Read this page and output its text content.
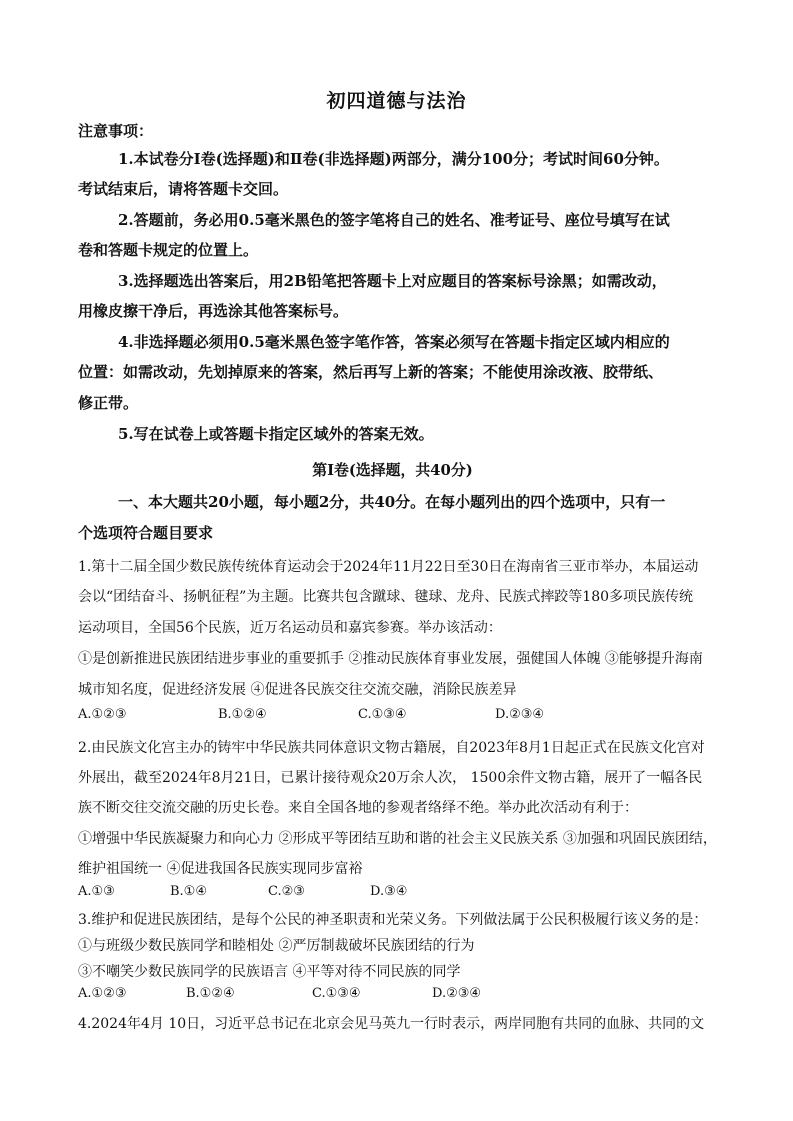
初四道德与法治
注意事项：
1.本试卷分Ⅰ卷(选择题)和Ⅱ卷(非选择题)两部分，满分100分；考试时间60分钟。
考试结束后，请将答题卡交回。
2.答题前，务必用0.5毫米黑色的签字笔将自己的姓名、准考证号、座位号填写在试
卷和答题卡规定的位置上。
3.选择题选出答案后，用2B铅笔把答题卡上对应题目的答案标号涂黑；如需改动，
用橡皮擦干净后，再选涂其他答案标号。
4.非选择题必须用0.5毫米黑色签字笔作答，答案必须写在答题卡指定区域内相应的
位置：如需改动，先划掉原来的答案，然后再写上新的答案；不能使用涂改液、胶带纸、
修正带。
5.写在试卷上或答题卡指定区域外的答案无效。
第Ⅰ卷(选择题，共40分)
一、本大题共20小题，每小题2分，共40分。在每小题列出的四个选项中，只有一
个选项符合题目要求
1.第十二届全国少数民族传统体育运动会于2024年11月22日至30日在海南省三亚市举办，本届运动
会以“团结奋斗、扬帆征程”为主题。比赛共包含蹴球、毽球、龙舟、民族式摔跤等180多项民族传统
运动项目，全国56个民族，近万名运动员和嘉宾参赛。举办该活动：
①是创新推进民族团结进步事业的重要抓手 ②推动民族体育事业发展，强健国人体魄 ③能够提升海南
城市知名度，促进经济发展 ④促进各民族交往交流交融，消除民族差异
A.①②③	B.①②④	C.①③④	D.②③④
2.由民族文化宫主办的铸牢中华民族共同体意识文物古籍展，自2023年8月1日起正式在民族文化宫对
外展出，截至2024年8月21日，已累计接待观众20万余人次， 1500余件文物古籍，展开了一幅各民
族不断交往交流交融的历史长卷。来自全国各地的参观者络绎不绝。举办此次活动有利于：
①增强中华民族凝聚力和向心力 ②形成平等团结互助和谐的社会主义民族关系 ③加强和巩固民族团结，
维护祖国统一 ④促进我国各民族实现同步富裕
A.①③	B.①④	C.②③	D.③④
3.维护和促进民族团结，是每个公民的神圣职责和光荣义务。下列做法属于公民积极履行该义务的是：
①与班级少数民族同学和睦相处 ②严厉制裁破坏民族团结的行为
③不嘲笑少数民族同学的民族语言 ④平等对待不同民族的同学
A.①②③	B.①②④	C.①③④	D.②③④
4.2024年4月 10日，习近平总书记在北京会见马英九一行时表示，两岸同胞有共同的血脉、共同的文
